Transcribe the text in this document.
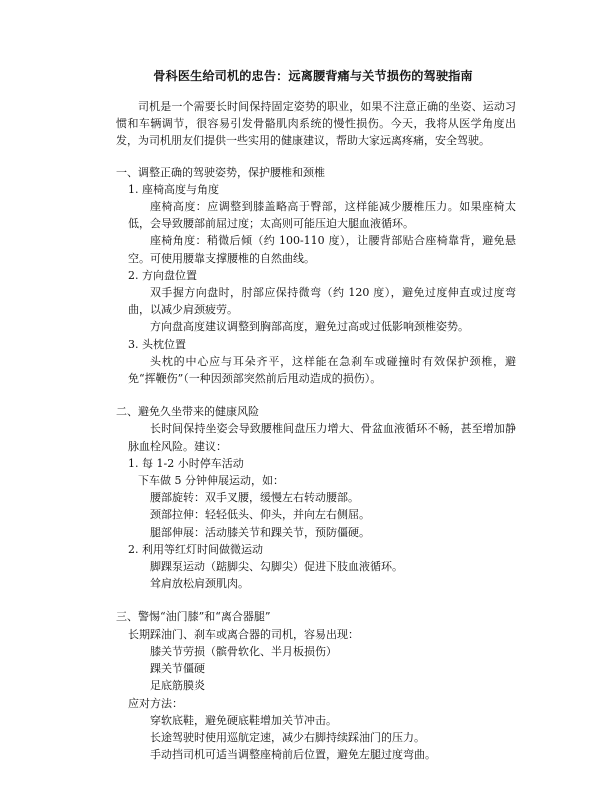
骨科医生给司机的忠告：远离腰背痛与关节损伤的驾驶指南

司机是一个需要长时间保持固定姿势的职业，如果不注意正确的坐姿、运动习惯和车辆调节，很容易引发骨骼肌肉系统的慢性损伤。今天，我将从医学角度出发，为司机朋友们提供一些实用的健康建议，帮助大家远离疼痛，安全驾驶。

一、调整正确的驾驶姿势，保护腰椎和颈椎

1. 座椅高度与角度

座椅高度：应调整到膝盖略高于臀部，这样能减少腰椎压力。如果座椅太低，会导致腰部前屈过度；太高则可能压迫大腿血液循环。

座椅角度：稍微后倾（约 100-110 度），让腰背部贴合座椅靠背，避免悬空。可使用腰靠支撑腰椎的自然曲线。

2. 方向盘位置

双手握方向盘时，肘部应保持微弯（约 120 度），避免过度伸直或过度弯曲，以减少肩颈疲劳。

方向盘高度建议调整到胸部高度，避免过高或过低影响颈椎姿势。

3. 头枕位置

头枕的中心应与耳朵齐平，这样能在急刹车或碰撞时有效保护颈椎，避免“挥鞭伤”（一种因颈部突然前后甩动造成的损伤）。

二、避免久坐带来的健康风险

长时间保持坐姿会导致腰椎间盘压力增大、骨盆血液循环不畅，甚至增加静脉血栓风险。建议：

1. 每 1-2 小时停车活动

下车做 5 分钟伸展运动，如：

腰部旋转：双手叉腰，缓慢左右转动腰部。

颈部拉伸：轻轻低头、仰头，并向左右侧屈。

腿部伸展：活动膝关节和踝关节，预防僵硬。

2. 利用等红灯时间做微运动

脚踝泵运动（踮脚尖、勾脚尖）促进下肢血液循环。

耸肩放松肩颈肌肉。

三、警惕“油门膝”和“离合器腿”

长期踩油门、刹车或离合器的司机，容易出现：

膝关节劳损（髌骨软化、半月板损伤）

踝关节僵硬

足底筋膜炎

应对方法：

穿软底鞋，避免硬底鞋增加关节冲击。

长途驾驶时使用巡航定速，减少右脚持续踩油门的压力。

手动挡司机可适当调整座椅前后位置，避免左腿过度弯曲。
